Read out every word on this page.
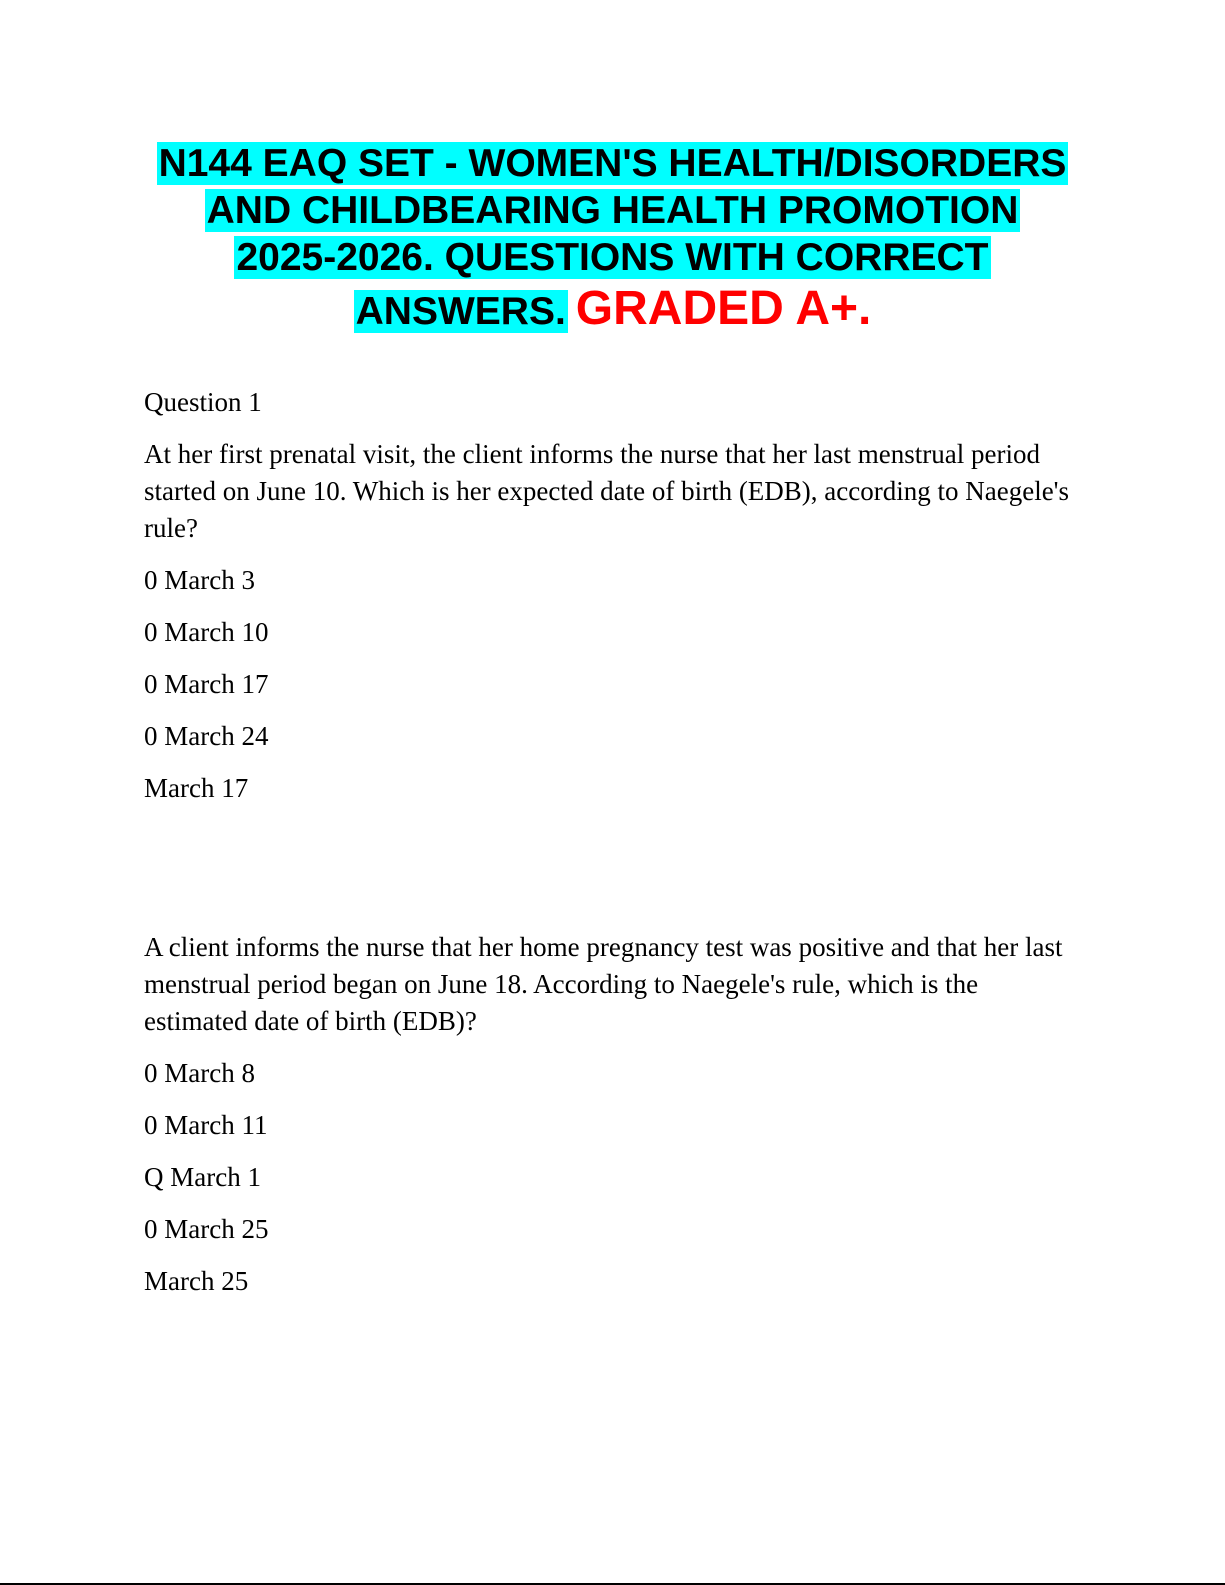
N144 EAQ SET - WOMEN'S HEALTH/DISORDERS
AND CHILDBEARING HEALTH PROMOTION
2025-2026. QUESTIONS WITH CORRECT
ANSWERS. GRADED A+.

Question 1

At her first prenatal visit, the client informs the nurse that her last menstrual period started on June 10. Which is her expected date of birth (EDB), according to Naegele's rule?

0 March 3

0 March 10

0 March 17

0 March 24

March 17

A client informs the nurse that her home pregnancy test was positive and that her last menstrual period began on June 18. According to Naegele's rule, which is the estimated date of birth (EDB)?

0 March 8

0 March 11

Q March 1

0 March 25

March 25
